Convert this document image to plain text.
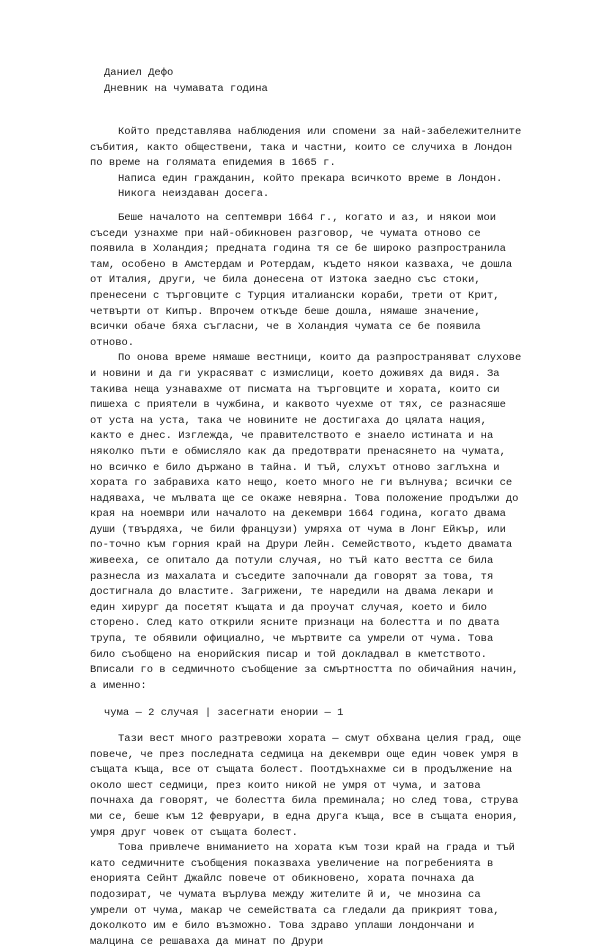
Даниел Дефо
Дневник на чумавата година

Който представлява наблюдения или спомени за най-забележителните събития, както обществени, така и частни, които се случиха в Лондон по време на голямата епидемия в 1665 г.

Написа един гражданин, който прекара всичкото време в Лондон.

Никога неиздаван досега.

Беше началото на септември 1664 г., когато и аз, и някои мои съседи узнахме при най-обикновен разговор, че чумата отново се появила в Холандия; предната година тя се бе широко разпространила там, особено в Амстердам и Ротердам, където някои казваха, че дошла от Италия, други, че била донесена от Изтока заедно със стоки, пренесени с търговците с Турция италиански кораби, трети от Крит, четвърти от Кипър. Впрочем откъде беше дошла, нямаше значение, всички обаче бяха съгласни, че в Холандия чумата се бе появила отново.

По онова време нямаше вестници, които да разпространяват слухове и новини и да ги украсяват с измислици, което доживях да видя. За такива неща узнавахме от писмата на търговците и хората, които си пишеха с приятели в чужбина, и каквото чуехме от тях, се разнасяше от уста на уста, така че новините не достигаха до цялата нация, както е днес. Изглежда, че правителството е знаело истината и на няколко пъти е обмисляло как да предотврати пренасянето на чумата, но всичко е било държано в тайна. И тъй, слухът отново заглъхна и хората го забравиха като нещо, което много не ги вълнува; всички се надяваха, че мълвата ще се окаже невярна. Това положение продължи до края на ноември или началото на декември 1664 година, когато двама души (твърдяха, че били французи) умряха от чума в Лонг Ейкър, или по-точно към горния край на Друри Лейн. Семейството, където двамата живееха, се опитало да потули случая, но тъй като вестта се била разнесла из махалата и съседите започнали да говорят за това, тя достигнала до властите. Загрижени, те наредили на двама лекари и един хирург да посетят къщата и да проучат случая, което и било сторено. След като открили ясните признаци на болестта и по двата трупа, те обявили официално, че мъртвите са умрели от чума. Това било съобщено на енорийския писар и той докладвал в кметството. Вписали го в седмичното съобщение за смъртността по обичайния начин, а именно:

чума — 2 случая | засегнати енории — 1

Тази вест много разтревожи хората — смут обхвана целия град, още повече, че през последната седмица на декември още един човек умря в същата къща, все от същата болест. Поотдъхнахме си в продължение на около шест седмици, през които никой не умря от чума, и затова почнаха да говорят, че болестта била преминала; но след това, струва ми се, беше към 12 февруари, в една друга къща, все в същата енория, умря друг човек от същата болест.

Това привлече вниманието на хората към този край на града и тъй като седмичните съобщения показваха увеличение на погребенията в енорията Сейнт Джайлс повече от обикновено, хората почнаха да подозират, че чумата върлува между жителите й и, че мнозина са умрели от чума, макар че семействата са гледали да прикрият това, доколкото им е било възможно. Това здраво уплаши лондончани и малцина се решаваха да минат по Друри
